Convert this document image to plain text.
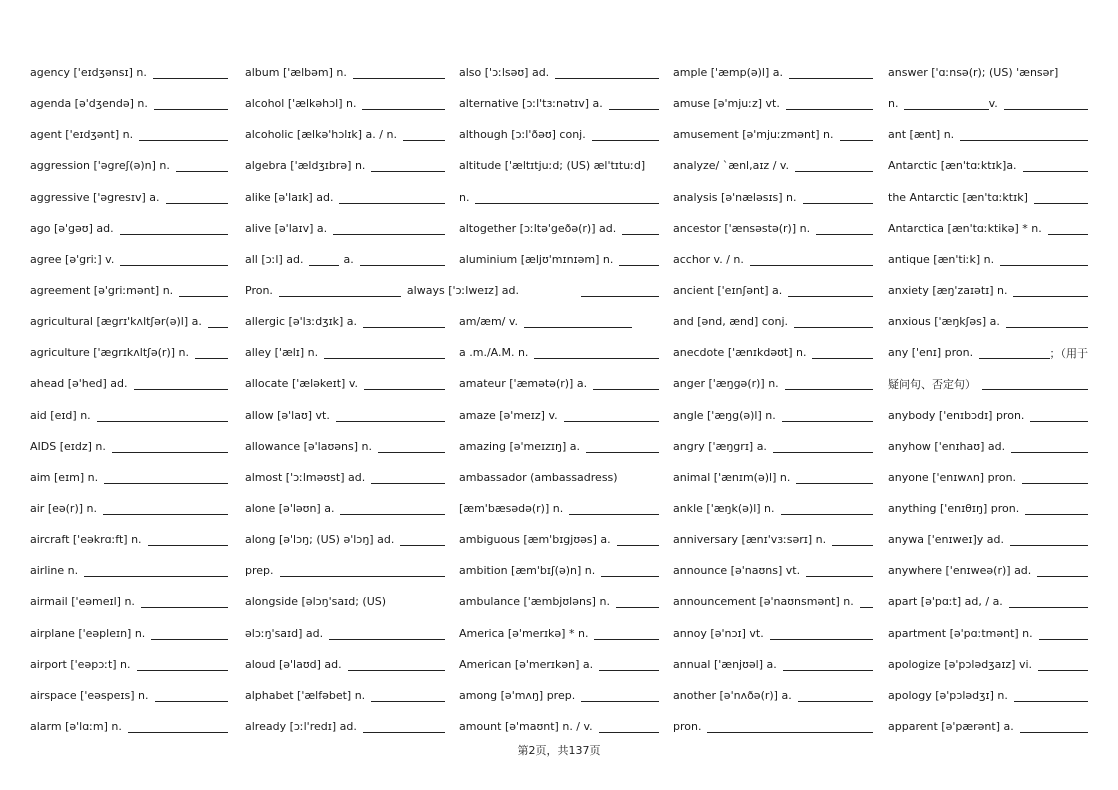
agency ['eɪdʒənsɪ] n.
agenda [ə'dʒendə] n.
agent ['eɪdʒənt] n.
aggression ['əgreʃ(ə)n] n.
aggressive ['əgresɪv] a.
ago [ə'gəʊ] ad.
agree [ə'griː] v.
agreement [ə'griːmənt] n.
agricultural [ægrɪ'kʌltʃər(ə)l] a.
agriculture ['ægrɪkʌltʃə(r)] n.
ahead [ə'hed] ad.
aid [eɪd] n.
AIDS [eɪdz] n.
aim [eɪm] n.
air [eə(r)] n.
aircraft ['eəkrɑːft] n.
airline n.
airmail ['eəmeɪl] n.
airplane ['eəpleɪn] n.
airport ['eəpɔːt] n.
airspace ['eəspeɪs] n.
alarm [ə'lɑːm] n.
album ['ælbəm] n.
alcohol ['ælkəhɔl] n.
alcoholic [ælkə'hɔlɪk] a. / n.
algebra ['ældʒɪbrə] n.
alike [ə'laɪk] ad.
alive [ə'laɪv] a.
all [ɔːl] ad.	a.
Pron.	always ['ɔːlweɪz] ad.
allergic [ə'lɜːdʒɪk] a.
alley ['ælɪ] n.
allocate ['æləkeɪt] v.
allow [ə'laʊ] vt.
allowance [ə'laʊəns] n.
almost ['ɔːlməʊst] ad.
alone [ə'ləʊn] a.
along [ə'lɔŋ; (US) ə'lɔŋ] ad.
prep.
alongside [əlɔŋ'saɪd; (US)
əlɔːŋ'saɪd] ad.
aloud [ə'laʊd] ad.
alphabet ['ælfəbet] n.
already [ɔːl'redɪ] ad.
also ['ɔːlsəʊ] ad.
alternative [ɔːl'tɜːnətɪv] a.
although [ɔːl'ðəʊ] conj.
altitude ['æltɪtjuːd; (US) æl'tɪtuːd]
n.
altogether [ɔːltə'geðə(r)] ad.
aluminium [æljʊ'mɪnɪəm] n.
am/æm/ v.
a .m./A.M. n.
amateur ['æmətə(r)] a.
amaze [ə'meɪz] v.
amazing [ə'meɪzɪŋ] a.
ambassador (ambassadress)
[æm'bæsədə(r)] n.
ambiguous [æm'bɪgjʊəs] a.
ambition [æm'bɪʃ(ə)n] n.
ambulance ['æmbjʊləns] n.
America [ə'merɪkə] * n.
American [ə'merɪkən] a.
among [ə'mʌŋ] prep.
amount [ə'maʊnt] n. / v.
ample ['æmp(ə)l] a.
amuse [ə'mjuːz] vt.
amusement [ə'mjuːzmənt] n.
analyze/ `ænl,aɪz / v.
analysis [ə'næləsɪs] n.
ancestor ['ænsəstə(r)] n.
acchor v. / n.
ancient ['eɪnʃənt] a.
and [ənd, ænd] conj.
anecdote ['ænɪkdəʊt] n.
anger ['æŋgə(r)] n.
angle ['æŋg(ə)l] n.
angry ['æŋgrɪ] a.
animal ['ænɪm(ə)l] n.
ankle ['æŋk(ə)l] n.
anniversary [ænɪ'vɜːsərɪ] n.
announce [ə'naʊns] vt.
announcement [ə'naʊnsmənt] n.
annoy [ə'nɔɪ] vt.
annual ['ænjʊəl] a.
another [ə'nʌðə(r)] a.
pron.
answer ['ɑːnsə(r); (US) 'ænsər]
n.	v.
ant [ænt] n.
Antarctic [æn'tɑːktɪk]a.
the Antarctic [æn'tɑːktɪk]
Antarctica [æn'tɑːktikə] * n.
antique [æn'tiːk] n.
anxiety [æŋ'zaɪətɪ] n.
anxious ['æŋkʃəs] a.
any ['enɪ] pron.	；（用于
疑问句、否定句）
anybody ['enɪbɔdɪ] pron.
anyhow ['enɪhaʊ] ad.
anyone ['enɪwʌn] pron.
anything ['enɪθɪŋ] pron.
anywa ['enɪweɪ]y ad.
anywhere ['enɪweə(r)] ad.
apart [ə'pɑːt] ad, / a.
apartment [ə'pɑːtmənt] n.
apologize [ə'pɔlədʒaɪz] vi.
apology [ə'pɔlədʒɪ] n.
apparent [ə'pærənt] a.
第2页，共137页
